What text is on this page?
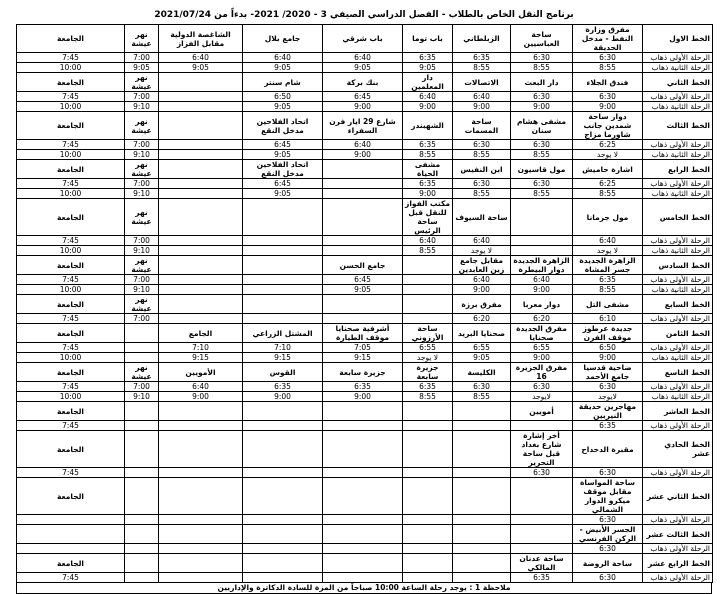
برنامج النقل الخاص بالطلاب - الفصل الدراسي الصيفي 3 - 2020/ 2021- بدءاً من 2021/07/24
الخط الاول	مفرق وزارة النفط - مدخل الحديقة	ساحة العباسيين	الزبلطاني	باب توما	باب شرقي	جامع بلال	الشاغصة الدولية مقابل الفزاز	نهر عيشة	الجامعة
الرحلة الأولى ذهاب	6:30	6:30	6:35	6:35	6:40	6:40	6:40	7:00	7:45
الرحلة الثانية ذهاب	8:55	8:55	8:55	9:05	9:05	9:05	9:05	9:05	10:00
الخط الثاني	فندق الجلاء	دار البعث	الاتصالات	دار المعلمين	بنك بركة	شام سنتر		نهر عيشة	الجامعة
الرحلة الأولى ذهاب	6:30	6:30	6:40	6:40	6:45	6:50		7:00	7:45
الرحلة الثانية ذهاب	9:00	9:00	9:00	9:00	9:00	9:05		9:10	10:00
الخط الثالث	دوار ساحة شمدين جانب شاورما مزاج	مشفى هشام سنان	ساحة المسمات	الشهبندر	شارع 29 ايار فرن السفراء	اتحاد الفلاحين مدخل النقع		نهر عيشة	الجامعة
الرحلة الأولى ذهاب	6:25	6:30	6:30	6:35	6:40	6:45		7:00	7:45
الرحلة الثانية ذهاب	لا يوجد	8:55	8:55	8:55	9:00	9:05		9:10	10:00
الخط الرابع	اشارة حاميش	مول قاسيون	ابن النفيس	مشفى الحياة		اتحاد الفلاحين مدخل النقع		نهر عيشة	الجامعة
الرحلة الأولى ذهاب	6:25	6:30	6:30	6:35		6:45		7:00	7:45
الرحلة الثانية ذهاب	8:55	8:55	8:55	9:00		9:05		9:10	10:00
الخط الخامس	مول جرمانا		ساحة السيوف	مكتب الفواز للنقل قبل ساحة الرئيس				نهر عيشة	الجامعة
الرحلة الأولى ذهاب	6:40		6:40	6:40				7:00	7:45
الرحلة الثانية ذهاب	لا يوجد		لا يوجد	8:55				9:10	10:00
الخط السادس	الزاهرة الجديدة جسر المشاة	الزاهرة الجديدة دوار البيطرة	مقابل جامع زين العابدين		جامع الحسن			نهر عيشة	الجامعة
الرحلة الأولى ذهاب	6:35	6:40	6:40		6:45			7:00	7:45
الرحلة الثانية ذهاب	8:55	9:00	9:00		9:05			9:10	10:00
الخط السابع	مشفى التل	دوار معربا	مفرق برزة					نهر عيشة	الجامعة
الرحلة الأولى ذهاب	6:10	6:20	6:20					7:00	7:45
الخط الثامن	جديدة عرطوز موقف الفرن	مفرق الجديدة صحنايا	صحنايا البريد	ساحة الأرزوني	أشرفية صحنايا موقف الطيارة	المشتل الزراعي	الجامع		الجامعة
الرحلة الأولى ذهاب	6:50	6:55	6:55	6:55	7:05	7:10	7:10		7:45
الرحلة الثانية ذهاب	9:00	9:00	9:05	لا يوجد	9:15	9:15	9:15		10:00
الخط التاسع	ضاحية قدسيا جامع الأحمد	مفرق الجزيرة 16	الكليسة	جزيرة سابعة	جزيرة سابعة	القوس	الأمويين	نهر عيشة	الجامعة
الرحلة الأولى ذهاب	6:30	6:30	6:30	6:35	6:35	6:35	6:40	7:00	7:45
الرحلة الثانية ذهاب	لايوجد	لايوجد	8:55	8:55	9:00	9:00	9:00	9:10	10:00
الخط العاشر	مهاجرين حديقة النيربين	أمويين							الجامعة
الرحلة الأولى ذهاب	6:35								7:45
الخط الحادي عشر	مقبرة الدحداح	أخر إشارة شارع بغداد قبل ساحة التحرير							الجامعة
الرحلة الأولى ذهاب	6:30	6:30							7:45
الخط الثاني عشر	ساحة المواساة مقابل موقف ميكرو الدوار الشمالي								الجامعة
الرحلة الأولى ذهاب	6:30								
الخط الثالث عشر	الجسر الأبيض - الركن الفرنسي								
الرحلة الأولى ذهاب	6:30								
الخط الرابع عشر	ساحة الروضة	ساحة عدنان المالكي							الجامعة
الرحلة الأولى ذهاب	6:30	6:35							7:45
ملاحظة 1 : يوجد رحلة الساعة 10:00 صباحاً من المزة للسادة الدكاترة والإداريين
